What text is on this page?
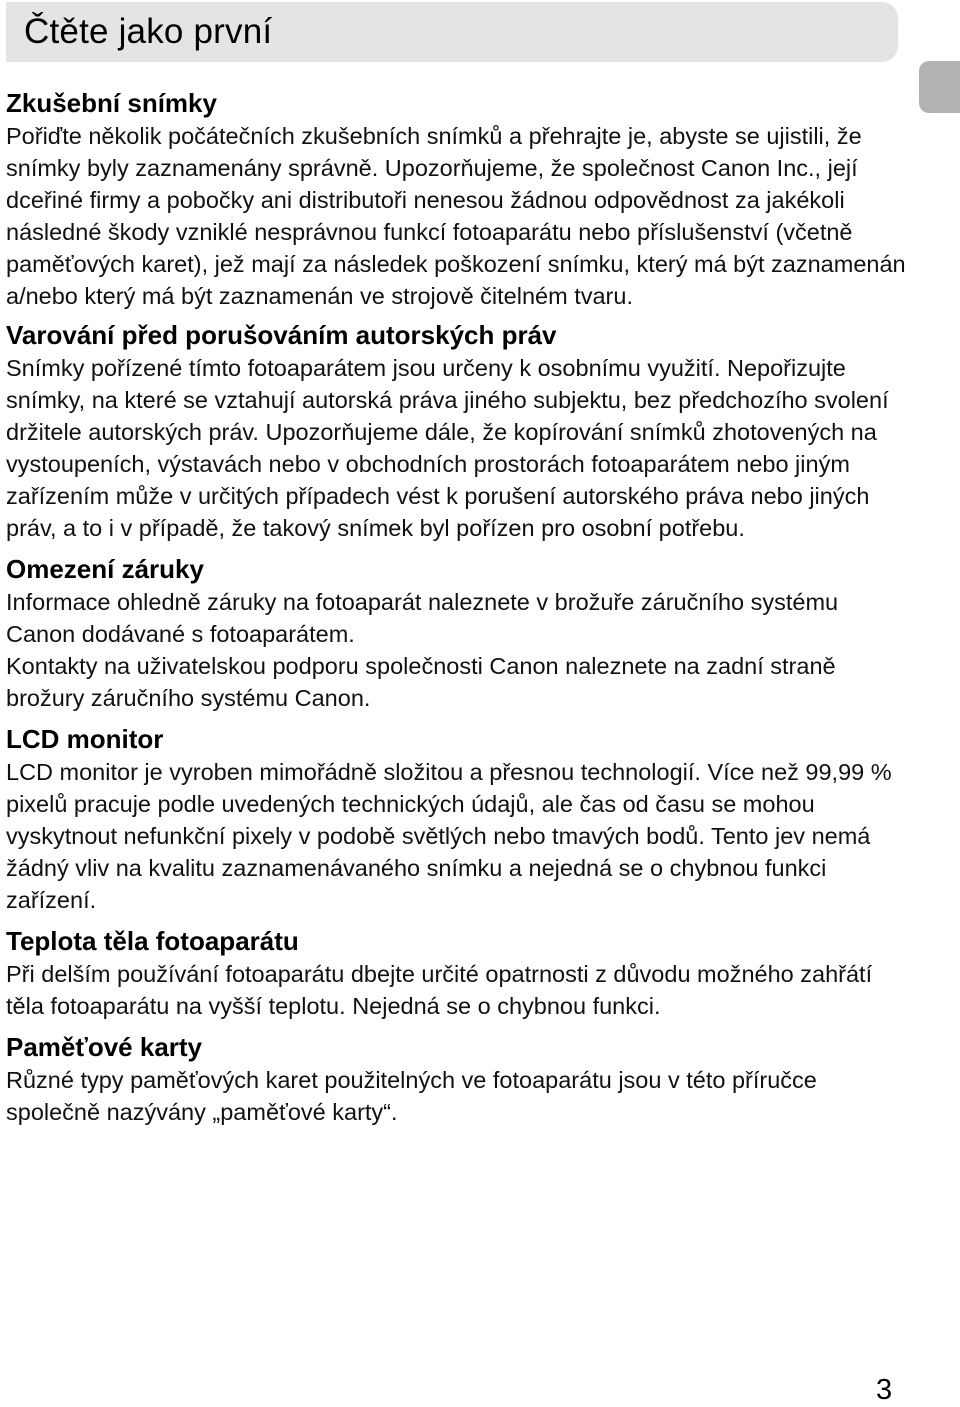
Čtěte jako první
Zkušební snímky

Pořiďte několik počátečních zkušebních snímků a přehrajte je, abyste se ujistili, že snímky byly zaznamenány správně. Upozorňujeme, že společnost Canon Inc., její dceřiné firmy a pobočky ani distributoři nenesou žádnou odpovědnost za jakékoli následné škody vzniklé nesprávnou funkcí fotoaparátu nebo příslušenství (včetně paměťových karet), jež mají za následek poškození snímku, který má být zaznamenán a/nebo který má být zaznamenán ve strojově čitelném tvaru.

Varování před porušováním autorských práv

Snímky pořízené tímto fotoaparátem jsou určeny k osobnímu využití. Nepořizujte snímky, na které se vztahují autorská práva jiného subjektu, bez předchozího svolení držitele autorských práv. Upozorňujeme dále, že kopírování snímků zhotovených na vystoupeních, výstavách nebo v obchodních prostorách fotoaparátem nebo jiným zařízením může v určitých případech vést k porušení autorského práva nebo jiných práv, a to i v případě, že takový snímek byl pořízen pro osobní potřebu.

Omezení záruky

Informace ohledně záruky na fotoaparát naleznete v brožuře záručního systému Canon dodávané s fotoaparátem.

Kontakty na uživatelskou podporu společnosti Canon naleznete na zadní straně brožury záručního systému Canon.

LCD monitor

LCD monitor je vyroben mimořádně složitou a přesnou technologií. Více než 99,99 % pixelů pracuje podle uvedených technických údajů, ale čas od času se mohou vyskytnout nefunkční pixely v podobě světlých nebo tmavých bodů. Tento jev nemá žádný vliv na kvalitu zaznamenávaného snímku a nejedná se o chybnou funkci zařízení.

Teplota těla fotoaparátu

Při delším používání fotoaparátu dbejte určité opatrnosti z důvodu možného zahřátí těla fotoaparátu na vyšší teplotu. Nejedná se o chybnou funkci.

Paměťové karty

Různé typy paměťových karet použitelných ve fotoaparátu jsou v této příručce společně nazývány „paměťové karty“.

3
